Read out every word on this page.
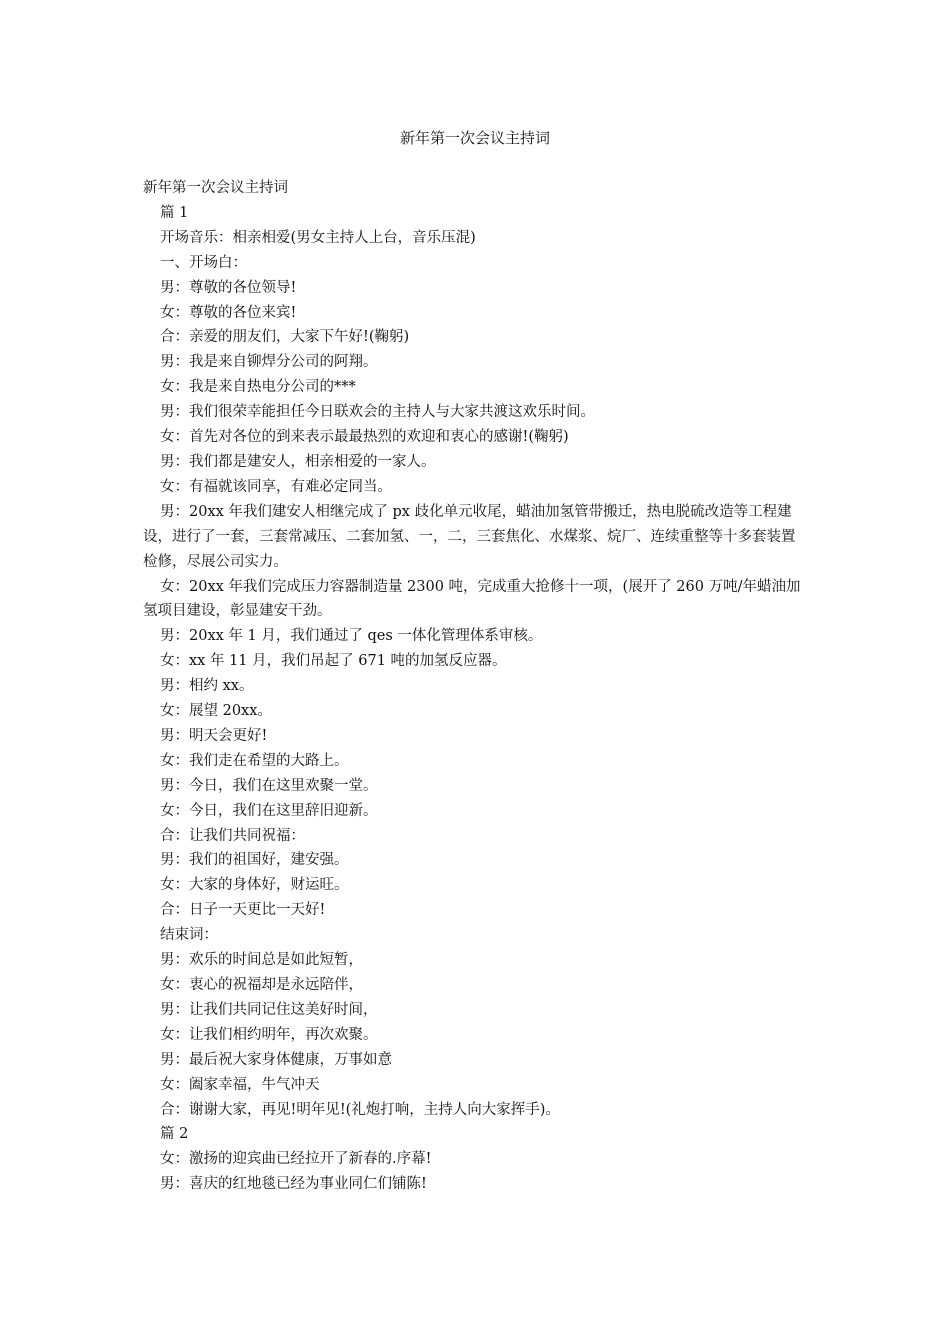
新年第一次会议主持词

新年第一次会议主持词

篇 1

开场音乐：相亲相爱(男女主持人上台，音乐压混)

一、开场白：

男：尊敬的各位领导!

女：尊敬的各位来宾!

合：亲爱的朋友们，大家下午好!(鞠躬)

男：我是来自铆焊分公司的阿翔。

女：我是来自热电分公司的***

男：我们很荣幸能担任今日联欢会的主持人与大家共渡这欢乐时间。

女：首先对各位的到来表示最最热烈的欢迎和衷心的感谢!(鞠躬)

男：我们都是建安人，相亲相爱的一家人。

女：有福就该同享，有难必定同当。

男：20xx 年我们建安人相继完成了 px 歧化单元收尾，蜡油加氢管带搬迁，热电脱硫改造等工程建设，进行了一套，三套常减压、二套加氢、一，二，三套焦化、水煤浆、烷厂、连续重整等十多套装置检修，尽展公司实力。

女：20xx 年我们完成压力容器制造量 2300 吨，完成重大抢修十一项，(展开了 260 万吨/年蜡油加氢项目建设，彰显建安干劲。

男：20xx 年 1 月，我们通过了 qes 一体化管理体系审核。

女：xx 年 11 月，我们吊起了 671 吨的加氢反应器。

男：相约 xx。

女：展望 20xx。

男：明天会更好!

女：我们走在希望的大路上。

男：今日，我们在这里欢聚一堂。

女：今日，我们在这里辞旧迎新。

合：让我们共同祝福：

男：我们的祖国好，建安强。

女：大家的身体好，财运旺。

合：日子一天更比一天好!

结束词：

男：欢乐的时间总是如此短暂，

女：衷心的祝福却是永远陪伴，

男：让我们共同记住这美好时间，

女：让我们相约明年，再次欢聚。

男：最后祝大家身体健康，万事如意

女：阖家幸福，牛气冲天

合：谢谢大家，再见!明年见!(礼炮打响，主持人向大家挥手)。

篇 2

女：激扬的迎宾曲已经拉开了新春的.序幕!

男：喜庆的红地毯已经为事业同仁们铺陈!
